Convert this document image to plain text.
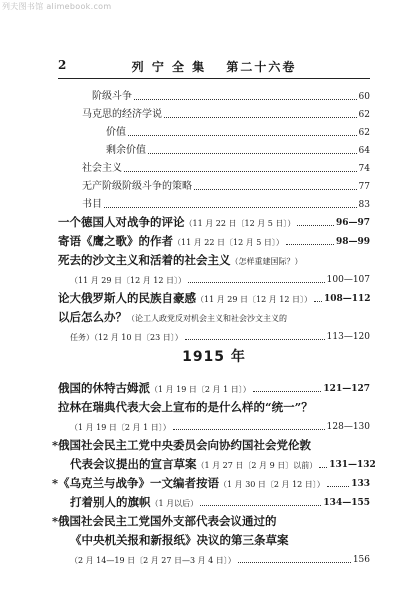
列夫图书馆 alimebook.com
2	列 宁 全 集　 第二十六卷
阶级斗争	60
马克思的经济学说	62
价值	62
剩余价值	64
社会主义	74
无产阶级阶级斗争的策略	77
书目	83
一个德国人对战争的评论（11 月 22 日〔12 月 5 日〕）	96—97
寄语《鹰之歌》的作者（11 月 22 日〔12 月 5 日〕）	98—99
死去的沙文主义和活着的社会主义（怎样重建国际？）
（11 月 29 日〔12 月 12 日〕）	100—107
论大俄罗斯人的民族自豪感（11 月 29 日〔12 月 12 日〕） 108—112
以后怎么办？（论工人政党反对机会主义和社会沙文主义的
任务）（12 月 10 日〔23 日〕）	113—120
1915 年
俄国的休特古姆派（1 月 19 日〔2 月 1 日〕）	121—127
拉林在瑞典代表大会上宣布的是什么样的“统一”？
（1 月 19 日〔2 月 1 日〕）	128—130
*俄国社会民主工党中央委员会向协约国社会党伦敦
代表会议提出的宣言草案（1 月 27 日〔2 月 9 日〕以前） 131—132
*《乌克兰与战争》一文编者按语（1 月 30 日〔2 月 12 日〕）	133
打着别人的旗帜（1 月以后）	134—155
*俄国社会民主工党国外支部代表会议通过的
《中央机关报和新报纸》决议的第三条草案
（2 月 14—19 日〔2 月 27 日—3 月 4 日〕）	156
